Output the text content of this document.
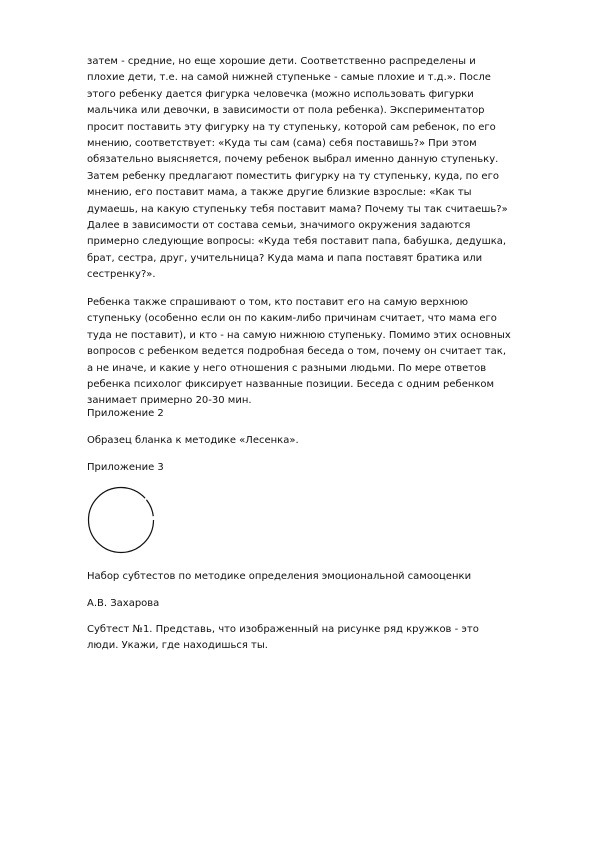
затем - средние, но еще хорошие дети. Соответственно распределены и
плохие дети, т.е. на самой нижней ступеньке - самые плохие и т.д.». После
этого ребенку дается фигурка человечка (можно использовать фигурки
мальчика или девочки, в зависимости от пола ребенка). Экспериментатор
просит поставить эту фигурку на ту ступеньку, которой сам ребенок, по его
мнению, соответствует: «Куда ты сам (сама) себя поставишь?» При этом
обязательно выясняется, почему ребенок выбрал именно данную ступеньку.
Затем ребенку предлагают поместить фигурку на ту ступеньку, куда, по его
мнению, его поставит мама, а также другие близкие взрослые: «Как ты
думаешь, на какую ступеньку тебя поставит мама? Почему ты так считаешь?»
Далее в зависимости от состава семьи, значимого окружения задаются
примерно следующие вопросы: «Куда тебя поставит папа, бабушка, дедушка,
брат, сестра, друг, учительница? Куда мама и папа поставят братика или
сестренку?».

Ребенка также спрашивают о том, кто поставит его на самую верхнюю
ступеньку (особенно если он по каким-либо причинам считает, что мама его
туда не поставит), и кто - на самую нижнюю ступеньку. Помимо этих основных
вопросов с ребенком ведется подробная беседа о том, почему он считает так,
а не иначе, и какие у него отношения с разными людьми. По мере ответов
ребенка психолог фиксирует названные позиции. Беседа с одним ребенком
занимает примерно 20-30 мин.

Приложение 2

Образец бланка к методике «Лесенка».

Приложение 3

Набор субтестов по методике определения эмоциональной самооценки

А.В. Захарова

Субтест №1. Представь, что изображенный на рисунке ряд кружков - это
люди. Укажи, где находишься ты.
